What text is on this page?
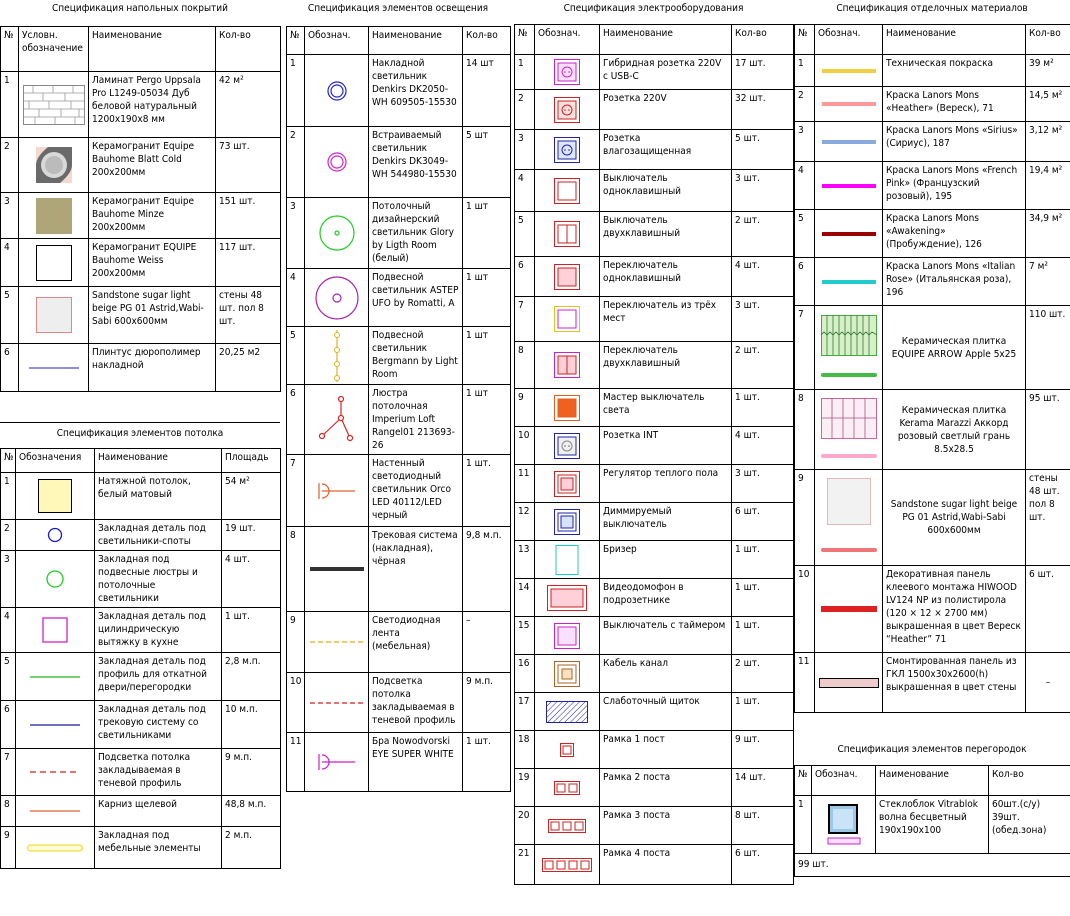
Спецификация напольных покрытий
№	Условн. обозначение	Наименование	Кол-во
1		Ламинат Pergo Uppsala Pro L1249-05034 Дуб беловой натуральный 1200х190х8 мм	42 м²
2		Керамогранит Equipe Bauhome Blatt Cold 200х200мм	73 шт.
3		Керамогранит Equipe Bauhome Minze 200х200мм	151 шт.
4		Керамогранит EQUIPE Bauhome Weiss 200х200мм	117 шт.
5		Sandstone sugar light beige PG 01 Astrid,Wabi-Sabi 600х600мм	стены 48 шт. пол 8 шт.
6		Плинтус дюрополимер накладной	20,25 м2
Спецификация элементов потолка
№	Обозначения	Наименование	Площадь
1		Натяжной потолок, белый матовый	54 м²
2		Закладная деталь под светильники-споты	19 шт.
3		Закладная под подвесные люстры и потолочные светильники	4 шт.
4		Закладная деталь под цилиндрическую вытяжку в кухне	1 шт.
5		Закладная деталь под профиль для откатной двери/перегородки	2,8 м.п.
6		Закладная деталь под трековую систему со светильниками	10 м.п.
7		Подсветка потолка закладываемая в теневой профиль	9 м.п.
8		Карниз щелевой	48,8 м.п.
9		Закладная под мебельные элементы	2 м.п.
Спецификация элементов освещения
№	Обознач.	Наименование	Кол-во
1		Накладной светильник Denkirs DK2050-WH 609505-15530	14 шт
2		Встраиваемый светильник Denkirs DK3049-WH 544980-15530	5 шт
3		Потолочный дизайнерский светильник Glory by Ligth Room (белый)	1 шт
4		Подвесной светильник ASTEP UFO by Romatti, A	1 шт
5		Подвесной светильник Bergmann by Light Room	1 шт
6		Люстра потолочная Imperium Loft Rangel01 213693-26	1 шт
7		Настенный светодиодный светильник Orco LED 40112/LED черный	1 шт.
8		Трековая система (накладная), чёрная	9,8 м.п.
9		Светодиодная лента (мебельная)	–
10		Подсветка потолка закладываемая в теневой профиль	9 м.п.
11		Бра Nowodvorski EYE SUPER WHITE	1 шт.
Спецификация электрооборудования
№	Обознач.	Наименование	Кол-во
1		Гибридная розетка 220V с USB-C	17 шт.
2		Розетка 220V	32 шт.
3		Розетка влагозащищенная	5 шт.
4		Выключатель одноклавишный	3 шт.
5		Выключатель двухклавишный	2 шт.
6		Переключатель одноклавишный	4 шт.
7		Переключатель из трёх мест	3 шт.
8		Переключатель двухклавишный	2 шт.
9		Мастер выключатель света	1 шт.
10		Розетка INT	4 шт.
11		Регулятор теплого пола	3 шт.
12		Диммируемый выключатель	6 шт.
13		Бризер	1 шт.
14		Видеодомофон в подрозетнике	1 шт.
15		Выключатель с таймером	1 шт.
16		Кабель канал	2 шт.
17		Слаботочный щиток	1 шт.
18		Рамка 1 пост	9 шт.
19		Рамка 2 поста	14 шт.
20		Рамка 3 поста	8 шт.
21		Рамка 4 поста	6 шт.
Спецификация отделочных материалов
№	Обознач.	Наименование	Кол-во
1		Техническая покраска	39 м²
2		Краска Lanors Mons «Heather» (Вереск), 71	14,5 м²
3		Краска Lanors Mons «Sirius» (Сириус), 187	3,12 м²
4		Краска Lanors Mons «French Pink» (Французский розовый), 195	19,4 м²
5		Краска Lanors Mons «Awakening» (Пробуждение), 126	34,9 м²
6		Краска Lanors Mons «Italian Rose» (Итальянская роза), 196	7 м²
7		Керамическая плитка EQUIPE ARROW Apple 5х25	110 шт.
8		Керамическая плитка Kerama Marazzi Аккорд розовый светлый грань 8.5х28.5	95 шт.
9		Sandstone sugar light beige PG 01 Astrid,Wabi-Sabi 600х600мм	стены 48 шт. пол 8 шт.
10		Декоративная панель клеевого монтажа HIWOOD LV124 NP из полистирола (120 × 12 × 2700 мм) выкрашенная в цвет Вереск “Heather” 71	6 шт.
11		Смонтированная панель из ГКЛ 1500х30х2600(h) выкрашенная в цвет стены	–
Спецификация элементов перегородок
№	Обознач.	Наименование	Кол-во
1		Стеклоблок Vitrablok волна бесцветный 190х190х100	60шт.(с/у) 39шт. (обед.зона)
99 шт.
